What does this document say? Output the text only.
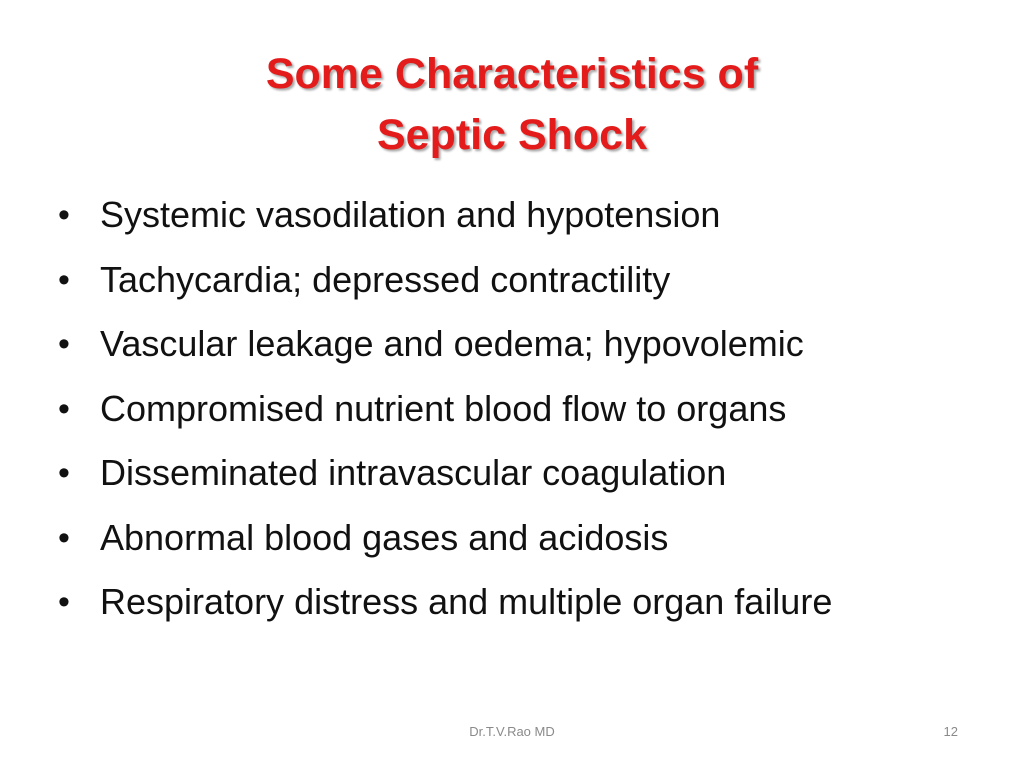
Some Characteristics of
Septic Shock
• Systemic vasodilation and hypotension
• Tachycardia; depressed contractility
• Vascular leakage and oedema; hypovolemic
• Compromised nutrient blood flow to organs
• Disseminated intravascular coagulation
• Abnormal blood gases and acidosis
• Respiratory distress and multiple organ failure
Dr.T.V.Rao MD	12
